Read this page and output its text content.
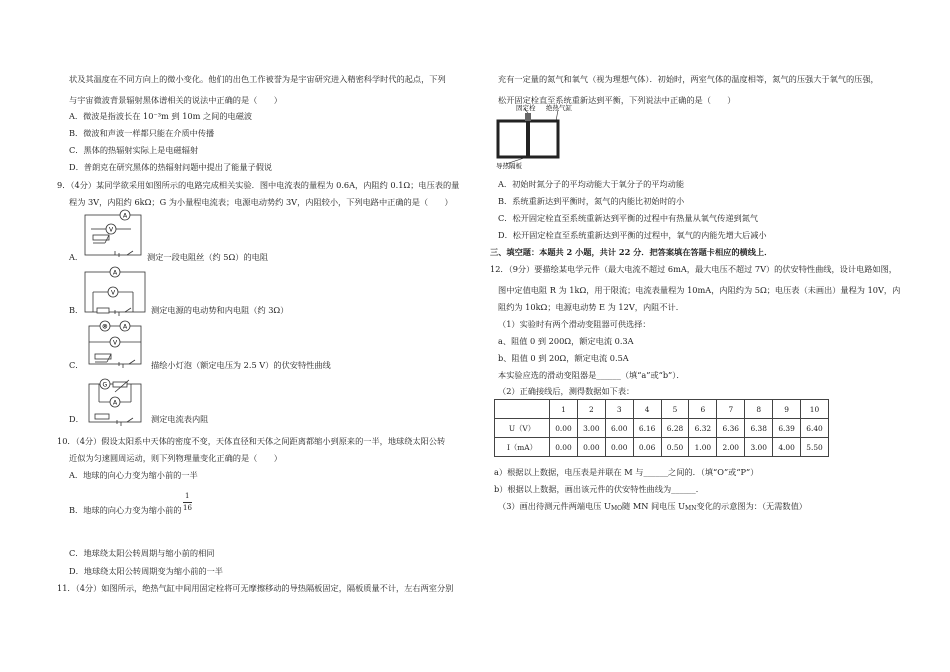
状及其温度在不同方向上的微小变化。他们的出色工作被誉为是宇宙研究进入精密科学时代的起点，下列
与宇宙微波背景辐射黑体谱相关的说法中正确的是（　　）
A．微波是指波长在 10⁻³m 到 10m 之间的电磁波
B．微波和声波一样都只能在介质中传播
C．黑体的热辐射实际上是电磁辐射
D．普朗克在研究黑体的热辐射问题中提出了能量子假说
9．（4分）某同学欲采用如图所示的电路完成相关实验．图中电流表的量程为 0.6A，内阻约 0.1Ω；电压表的量
程为 3V，内阻约 6kΩ；G 为小量程电流表；电源电动势约 3V，内阻较小，下列电路中正确的是（　　）
A．
A
V
测定一段电阻丝（约 5Ω）的电阻
B．
A
V
测定电源的电动势和内电阻（约 3Ω）
C．
⊗	A
V
描绘小灯泡（额定电压为 2.5 V）的伏安特性曲线
D．
G
A
测定电流表内阻
10．（4分）假设太阳系中天体的密度不变，天体直径和天体之间距离都缩小到原来的一半，地球绕太阳公转
近似为匀速圆周运动，则下列物理量变化正确的是（　　）
A．地球的向心力变为缩小前的一半
B．地球的向心力变为缩小前的
1
16
C．地球绕太阳公转周期与缩小前的相同
D．地球绕太阳公转周期变为缩小前的一半
11．（4分）如图所示，绝热气缸中间用固定栓将可无摩擦移动的导热隔板固定，隔板质量不计，左右两室分别
充有一定量的氮气和氧气（视为理想气体）．初始时，两室气体的温度相等，氮气的压强大于氧气的压强，
松开固定栓直至系统重新达到平衡，下列说法中正确的是（　　）
固定栓 绝热气缸
导热隔板
A．初始时氮分子的平均动能大于氧分子的平均动能
B．系统重新达到平衡时，氮气的内能比初始时的小
C．松开固定栓直至系统重新达到平衡的过程中有热量从氧气传递到氮气
D．松开固定栓直至系统重新达到平衡的过程中，氧气的内能先增大后减小
三、填空题：本题共 2 小题，共计 22 分．把答案填在答题卡相应的横线上．
12．（9分）要描绘某电学元件（最大电流不超过 6mA，最大电压不超过 7V）的伏安特性曲线，设计电路如图，
图中定值电阻 R 为 1kΩ，用于限流；电流表量程为 10mA，内阻约为 5Ω；电压表（未画出）量程为 10V，内
阻约为 10kΩ；电源电动势 E 为 12V，内阻不计．
（1）实验时有两个滑动变阻器可供选择：
a、阻值 0 到 200Ω，额定电流 0.3A
b、阻值 0 到 20Ω，额定电流 0.5A
本实验应选的滑动变阻器是______（填“a”或“b”）．
（2）正确接线后，测得数据如下表：
	1	2	3	4	5	6	7	8	9	10
U（V）	0.00	3.00	6.00	6.16	6.28	6.32	6.36	6.38	6.39	6.40
I（mA）	0.00	0.00	0.00	0.06	0.50	1.00	2.00	3.00	4.00	5.50
a）根据以上数据，电压表是并联在 M 与______之间的．（填“O”或“P”）
b）根据以上数据，画出该元件的伏安特性曲线为______．
（3）画出待测元件两端电压 UMO随 MN 间电压 UMN变化的示意图为：（无需数值）
